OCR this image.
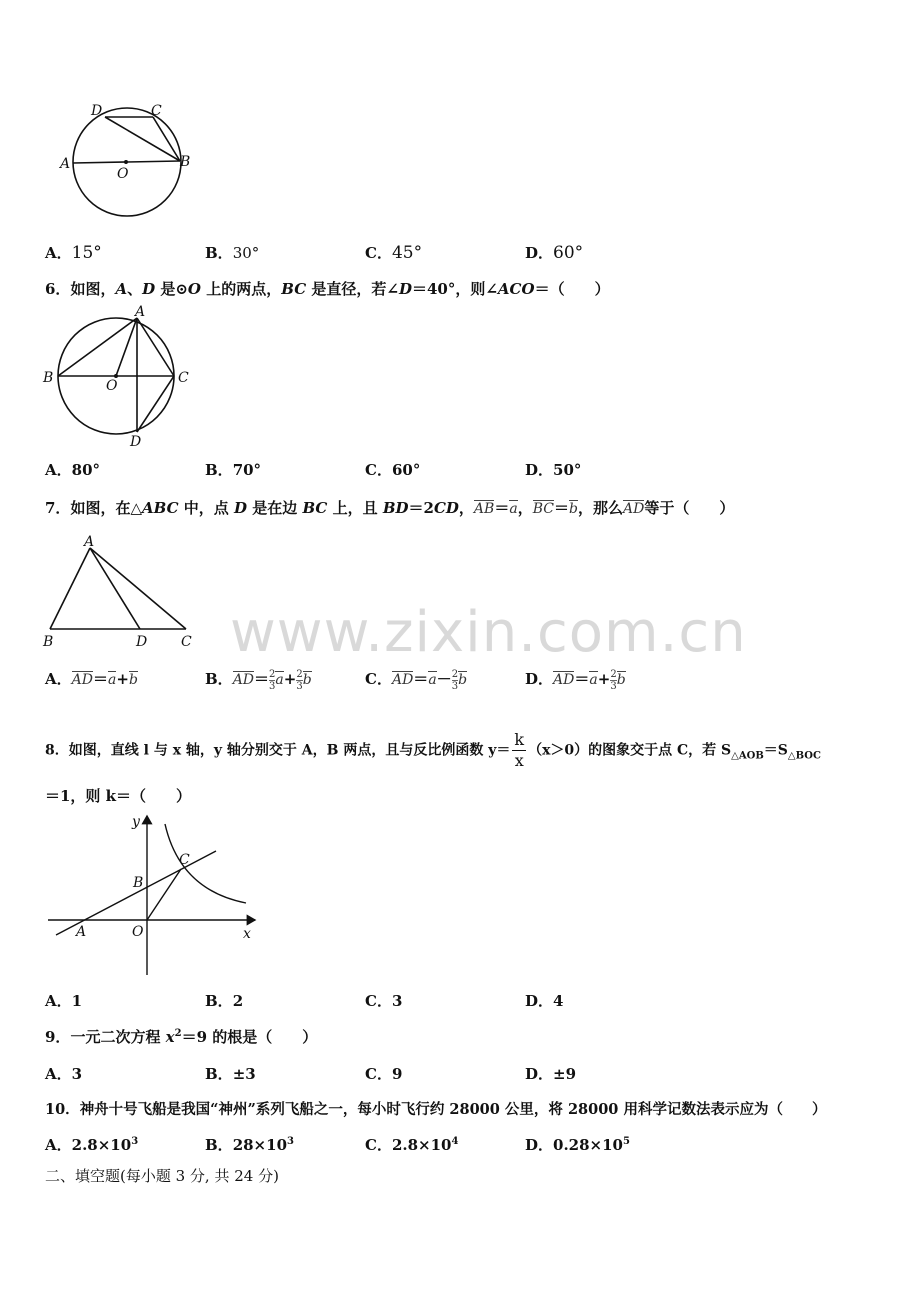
D	C
A	B
O
A．15°	B．30°	C．45°	D．60°
6．如图，A、D 是⊙O 上的两点，BC 是直径，若∠D＝40°，则∠ACO＝（　　）
A
B	C
D
O
A．80°	B．70°	C．60°	D．50°
7．如图，在△ABC 中，点 D 是在边 BC 上，且 BD＝2CD，AB＝a，BC＝b，那么AD等于（　　）
A
B	D C www.zixin.com.cn
A．AD＝a+b	B．$AD= \frac{2}{3}a+ \frac{2}{3}b$	C．$AD=a- \frac{2}{3}b$	D．$AD=a+ \frac{2}{3}b$
8．如图，直线 l 与 x 轴，y 轴分别交于 A，B 两点，且与反比例函数 $y= \frac{k}{x} (x>0)$的图象交于点 C，若 $S_{\triangle AOB}=S_{\triangle BOC}$
＝1，则 k＝（　　）
y
x
A
B
C
O
A．1	B．2	C．3	D．4
9．一元二次方程 $x^2=9$ 的根是（　　）
A．3	B．±3	C．9	D．±9
10．神舟十号飞船是我国“神州”系列飞船之一，每小时飞行约 28000 公里，将 28000 用科学记数法表示应为（　　）
A．$2.8\times 10^3$	B．$28\times 10^3$	C．$2.8\times 10^4$	D．$0.28\times 10^5$
二、填空题(每小题 3 分, 共 24 分)
